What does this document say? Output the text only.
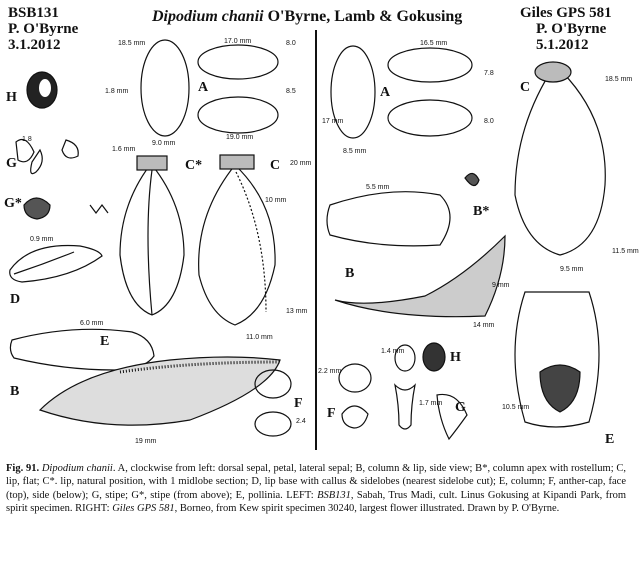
BSB131
P. O'Byrne
3.1.2012
Dipodium chanii O'Byrne, Lamb & Gokusing	Giles GPS 581
P. O'Byrne
5.1.2012
H
G
G*
D
B
A
C*	C
E
F
A
B*
B
C
H
F	G
E
18.5 mm	17.0 mm	8.0
8.5
19.0 mm
9.0 mm
1.8 mm
1.8
1.6 mm
0.9 mm
20 mm
10 mm
6.0 mm
11.0 mm
13 mm
19 mm
2.4
16.5 mm
7.8
8.0
17 mm
8.5 mm
18.5 mm
5.5 mm
11.5 mm
9.5 mm
14 mm
9 mm
2.2 mm
1.4 mm
1.7 mm
10.5 mm
Fig. 91. Dipodium chanii. A, clockwise from left: dorsal sepal, petal, lateral sepal; B, column & lip, side view; B*, column apex with rostellum; C, lip, flat; C*. lip, natural position, with 1 midlobe section; D, lip base with callus & sidelobes (nearest sidelobe cut); E, column; F, anther-cap, face (top), side (below); G, stipe; G*, stipe (from above); E, pollinia. LEFT: BSB131, Sabah, Trus Madi, cult. Linus Gokusing at Kipandi Park, from spirit specimen. RIGHT: Giles GPS 581, Borneo, from Kew spirit specimen 30240, largest flower illustrated. Drawn by P. O'Byrne.
